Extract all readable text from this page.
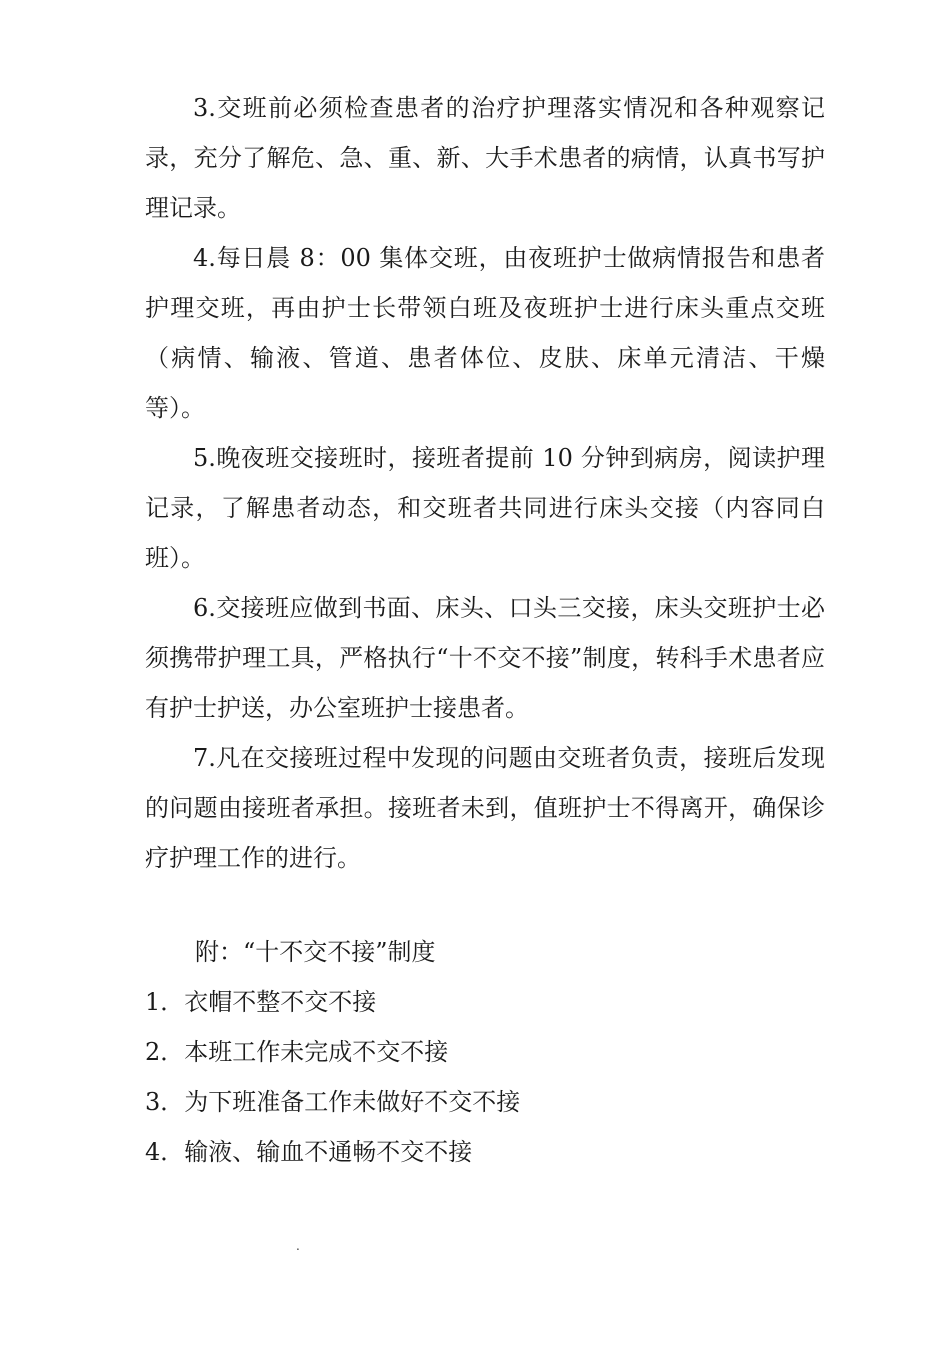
3.交班前必须检查患者的治疗护理落实情况和各种观察记录，充分了解危、急、重、新、大手术患者的病情，认真书写护理记录。

4.每日晨 8：00 集体交班，由夜班护士做病情报告和患者护理交班，再由护士长带领白班及夜班护士进行床头重点交班（病情、输液、管道、患者体位、皮肤、床单元清洁、干燥等）。

5.晚夜班交接班时，接班者提前 10 分钟到病房，阅读护理记录，了解患者动态，和交班者共同进行床头交接（内容同白班）。

6.交接班应做到书面、床头、口头三交接，床头交班护士必须携带护理工具，严格执行“十不交不接”制度，转科手术患者应有护士护送，办公室班护士接患者。

7.凡在交接班过程中发现的问题由交班者负责，接班后发现的问题由接班者承担。接班者未到，值班护士不得离开，确保诊疗护理工作的进行。

附：“十不交不接”制度

1．衣帽不整不交不接
2．本班工作未完成不交不接
3．为下班准备工作未做好不交不接
4．输液、输血不通畅不交不接
.
